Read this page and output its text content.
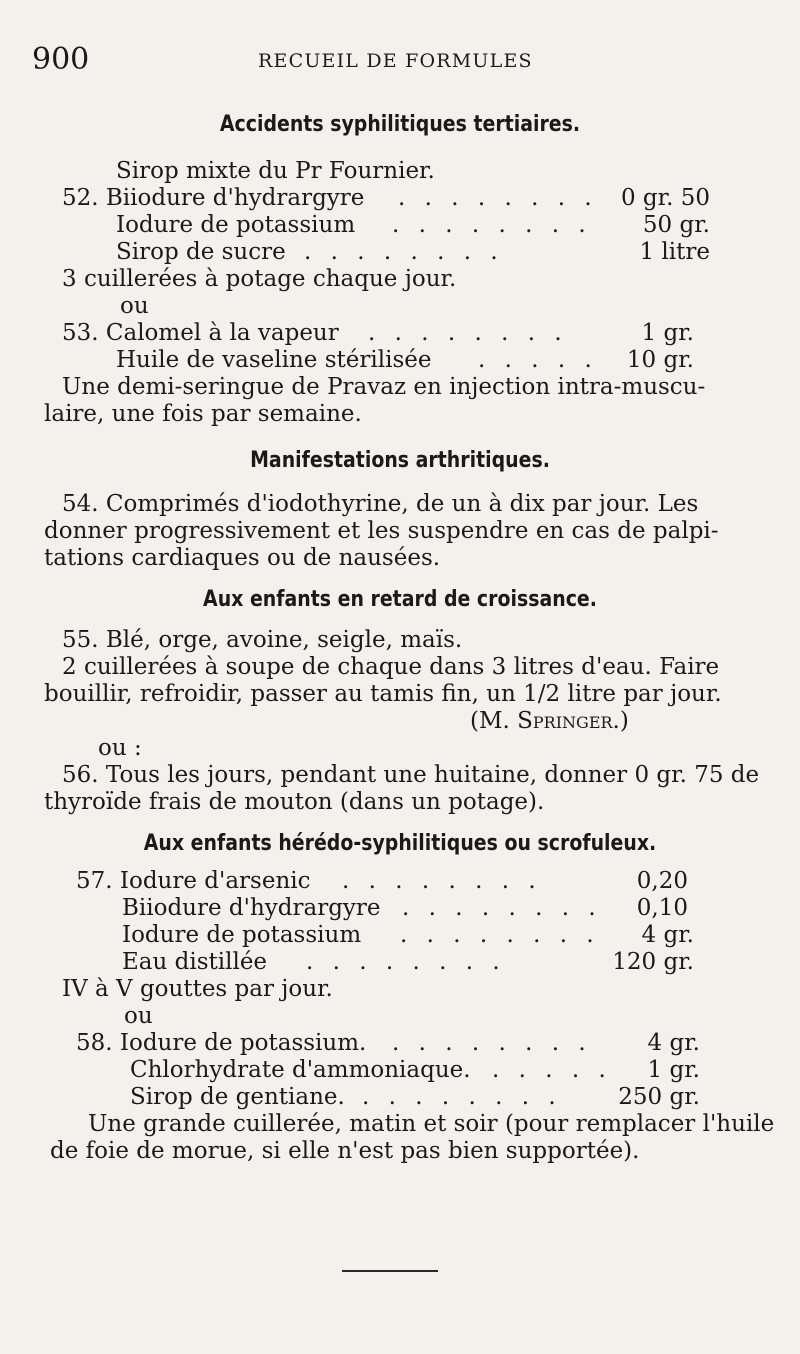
900	RECUEIL DE FORMULES
Accidents syphilitiques tertiaires.
Sirop mixte du Pr Fournier.
52. Biiodure d'hydrargyre . . . . . . . . 0 gr. 50
Iodure de potassium . . . . . . . . 50 gr.
Sirop de sucre . . . . . . . .	1 litre
3 cuillerées à potage chaque jour.
ou
53. Calomel à la vapeur . . . . . . . .	1 gr.
Huile de vaseline stérilisée . . . . . 10 gr.
Une demi-seringue de Pravaz en injection intra-muscu-
laire, une fois par semaine.
Manifestations arthritiques.
54. Comprimés d'iodothyrine, de un à dix par jour. Les
donner progressivement et les suspendre en cas de palpi-
tations cardiaques ou de nausées.
Aux enfants en retard de croissance.
55. Blé, orge, avoine, seigle, maïs.
2 cuillerées à soupe de chaque dans 3 litres d'eau. Faire
bouillir, refroidir, passer au tamis fin, un 1/2 litre par jour.
(M. Springer.)
ou :
56. Tous les jours, pendant une huitaine, donner 0 gr. 75 de
thyroïde frais de mouton (dans un potage).
Aux enfants hérédo-syphilitiques ou scrofuleux.
57. Iodure d'arsenic . . . . . . . .	0,20
Biiodure d'hydrargyre . . . . . . . . 0,10
Iodure de potassium . . . . . . . . 4 gr.
Eau distillée . . . . . . . .	120 gr.
IV à V gouttes par jour.
ou
58. Iodure de potassium. . . . . . . . . 4 gr.
Chlorhydrate d'ammoniaque. . . . . . 1 gr.
Sirop de gentiane. . . . . . . . . 250 gr.
Une grande cuillerée, matin et soir (pour remplacer l'huile
de foie de morue, si elle n'est pas bien supportée).
